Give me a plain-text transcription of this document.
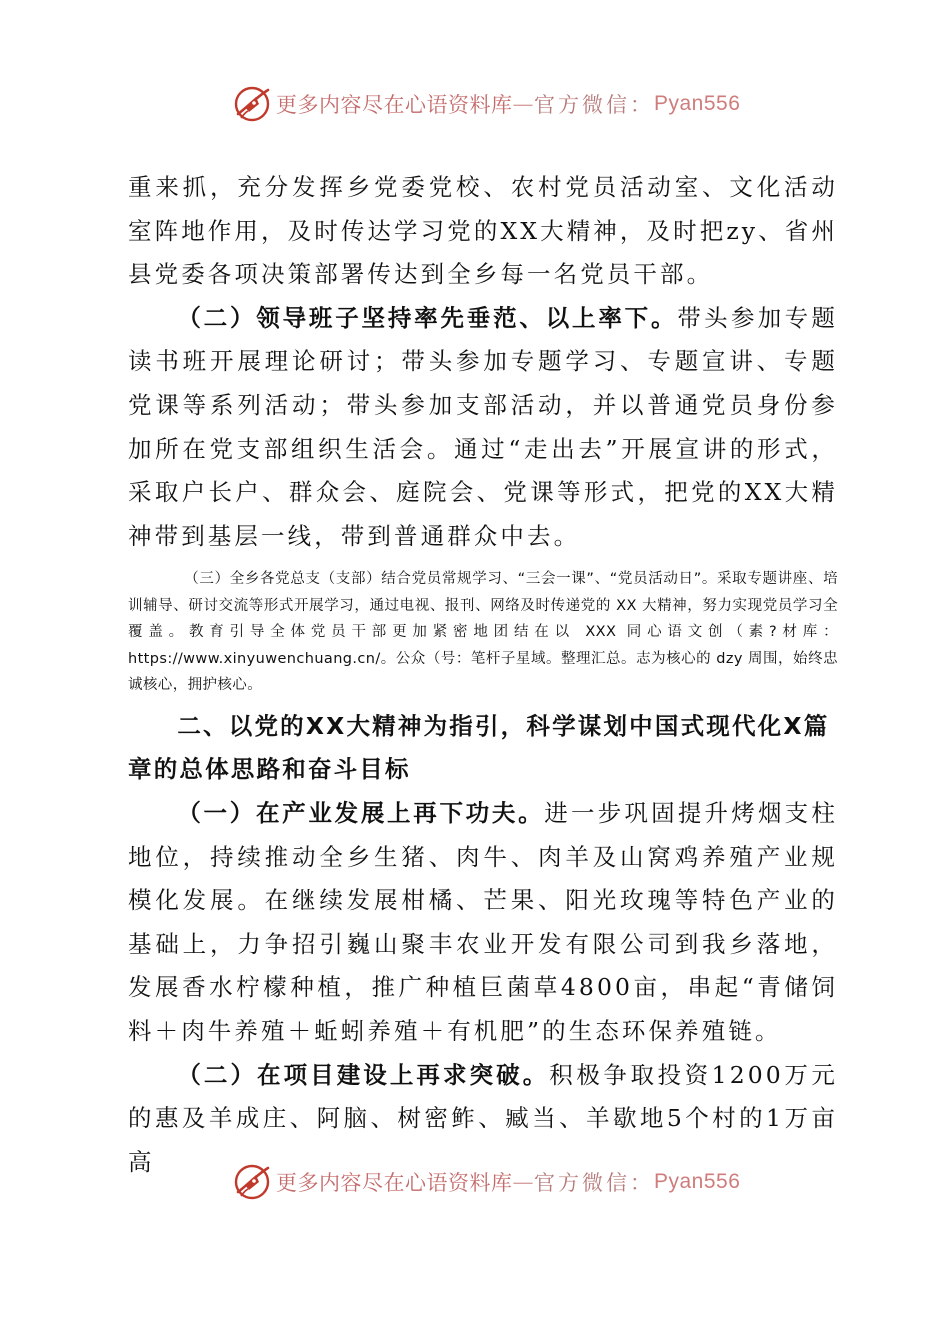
更多内容尽在心语资料库 — 官方微信： Pyan556

重来抓，充分发挥乡党委党校、农村党员活动室、文化活动室阵地作用，及时传达学习党的XX大精神，及时把zy、省州县党委各项决策部署传达到全乡每一名党员干部。

（二）领导班子坚持率先垂范、以上率下。带头参加专题读书班开展理论研讨；带头参加专题学习、专题宣讲、专题党课等系列活动；带头参加支部活动，并以普通党员身份参加所在党支部组织生活会。通过“走出去”开展宣讲的形式，采取户长户、群众会、庭院会、党课等形式，把党的XX大精神带到基层一线，带到普通群众中去。

（三）全乡各党总支（支部）结合党员常规学习、“三会一课”、“党员活动日”。采取专题讲座、培训辅导、研讨交流等形式开展学习，通过电视、报刊、网络及时传递党的 XX 大精神，努力实现党员学习全覆盖。教育引导全体党员干部更加紧密地团结在以 XXX 同心语文创（素?材库：https://www.xinyuwenchuang.cn/。公众（号：笔杆子星域。整理汇总。志为核心的 dzy 周围，始终忠诚核心，拥护核心。

二、以党的XX大精神为指引，科学谋划中国式现代化X篇章的总体思路和奋斗目标

（一）在产业发展上再下功夫。进一步巩固提升烤烟支柱地位，持续推动全乡生猪、肉牛、肉羊及山窝鸡养殖产业规模化发展。在继续发展柑橘、芒果、阳光玫瑰等特色产业的基础上，力争招引巍山聚丰农业开发有限公司到我乡落地，发展香水柠檬种植，推广种植巨菌草4800亩，串起“青储饲料＋肉牛养殖＋蚯蚓养殖＋有机肥”的生态环保养殖链。

（二）在项目建设上再求突破。积极争取投资1200万元的惠及羊成庄、阿脑、树密鲊、臧当、羊歇地5个村的1万亩高

更多内容尽在心语资料库 — 官方微信： Pyan556
